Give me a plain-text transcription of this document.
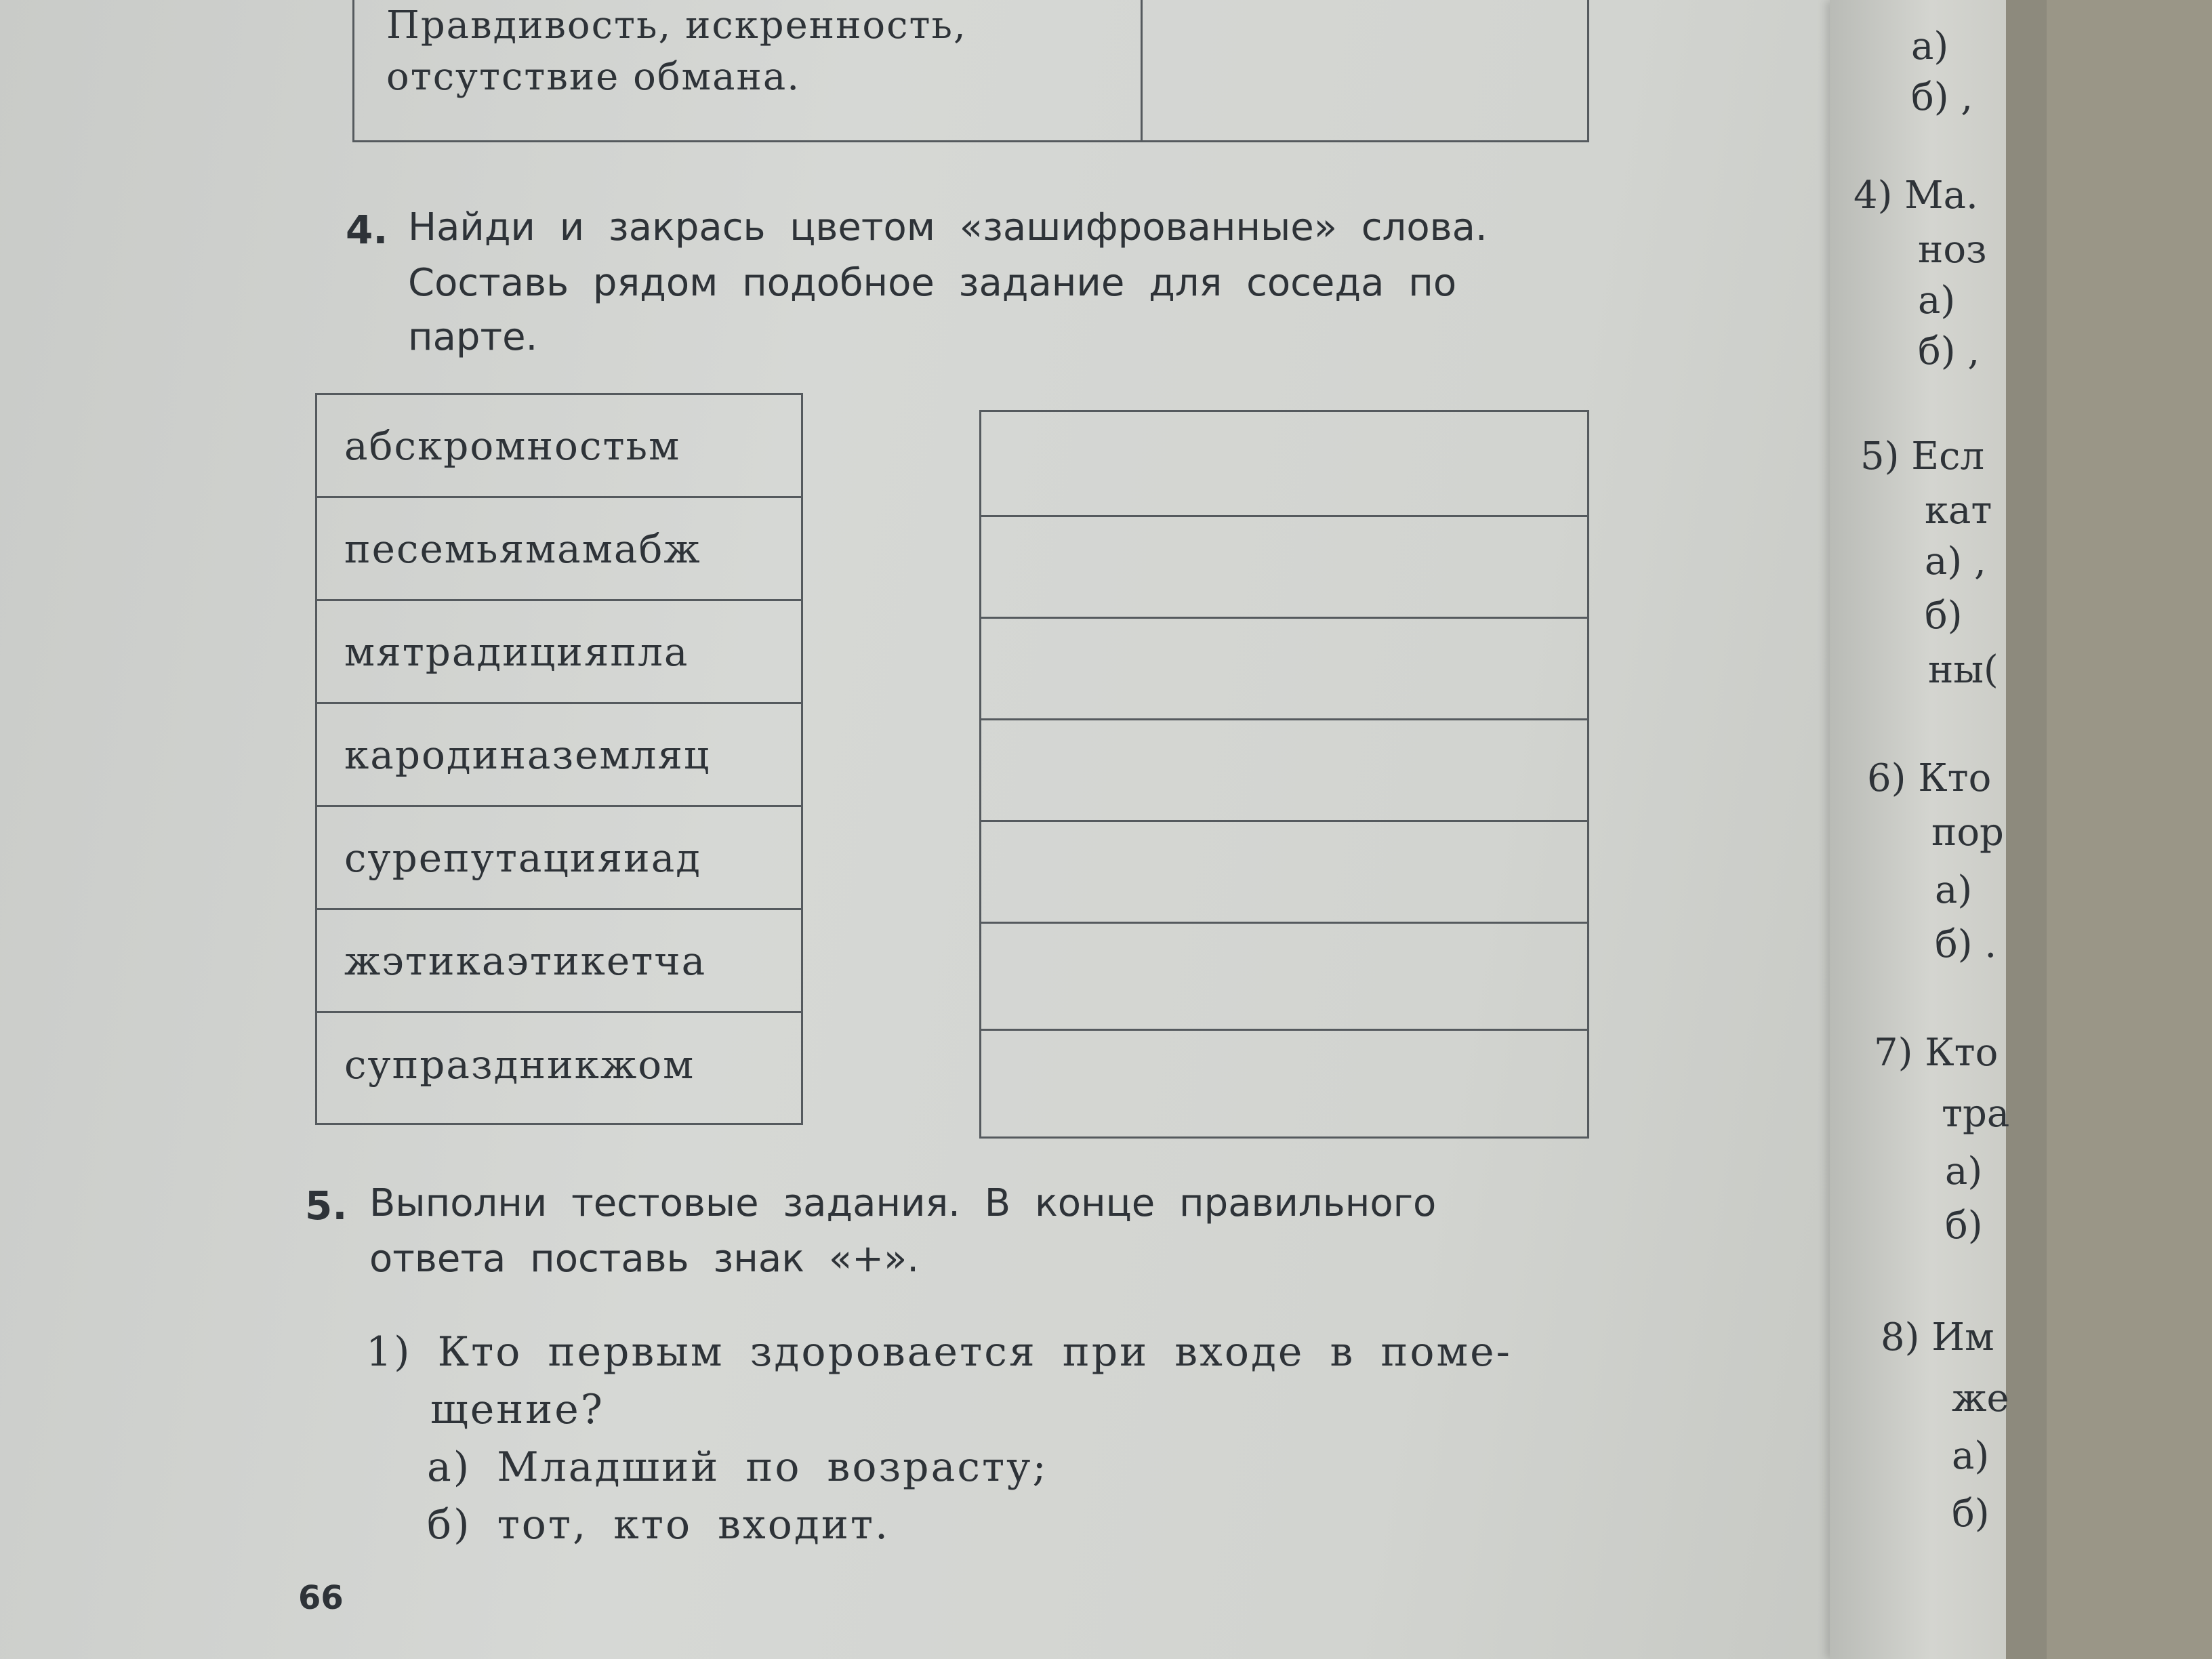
Правдивость, искренность,
отсутствие обмана.
4. Найди и закрась цветом «зашифрованные» слова.
Составь рядом подобное задание для соседа по
парте.
абскромностьм
песемьямамабж
мятрадицияпла
кародиназемляц
сурепутацияиад
жэтикаэтикетча
супраздникжом
5. Выполни тестовые задания. В конце правильного
ответа поставь знак «+».
1) Кто первым здоровается при входе в поме-
щение?
а) Младший по возрасту;
б) тот, кто входит.
66
а)
б) ,
4) Ма.
ноз
а)
б) ,
5) Есл
кат
а) ,
б)
ны(
6) Кто
пор
а)
б) .
7) Кто
тра
а)
б)
8) Им
же
а)
б)
